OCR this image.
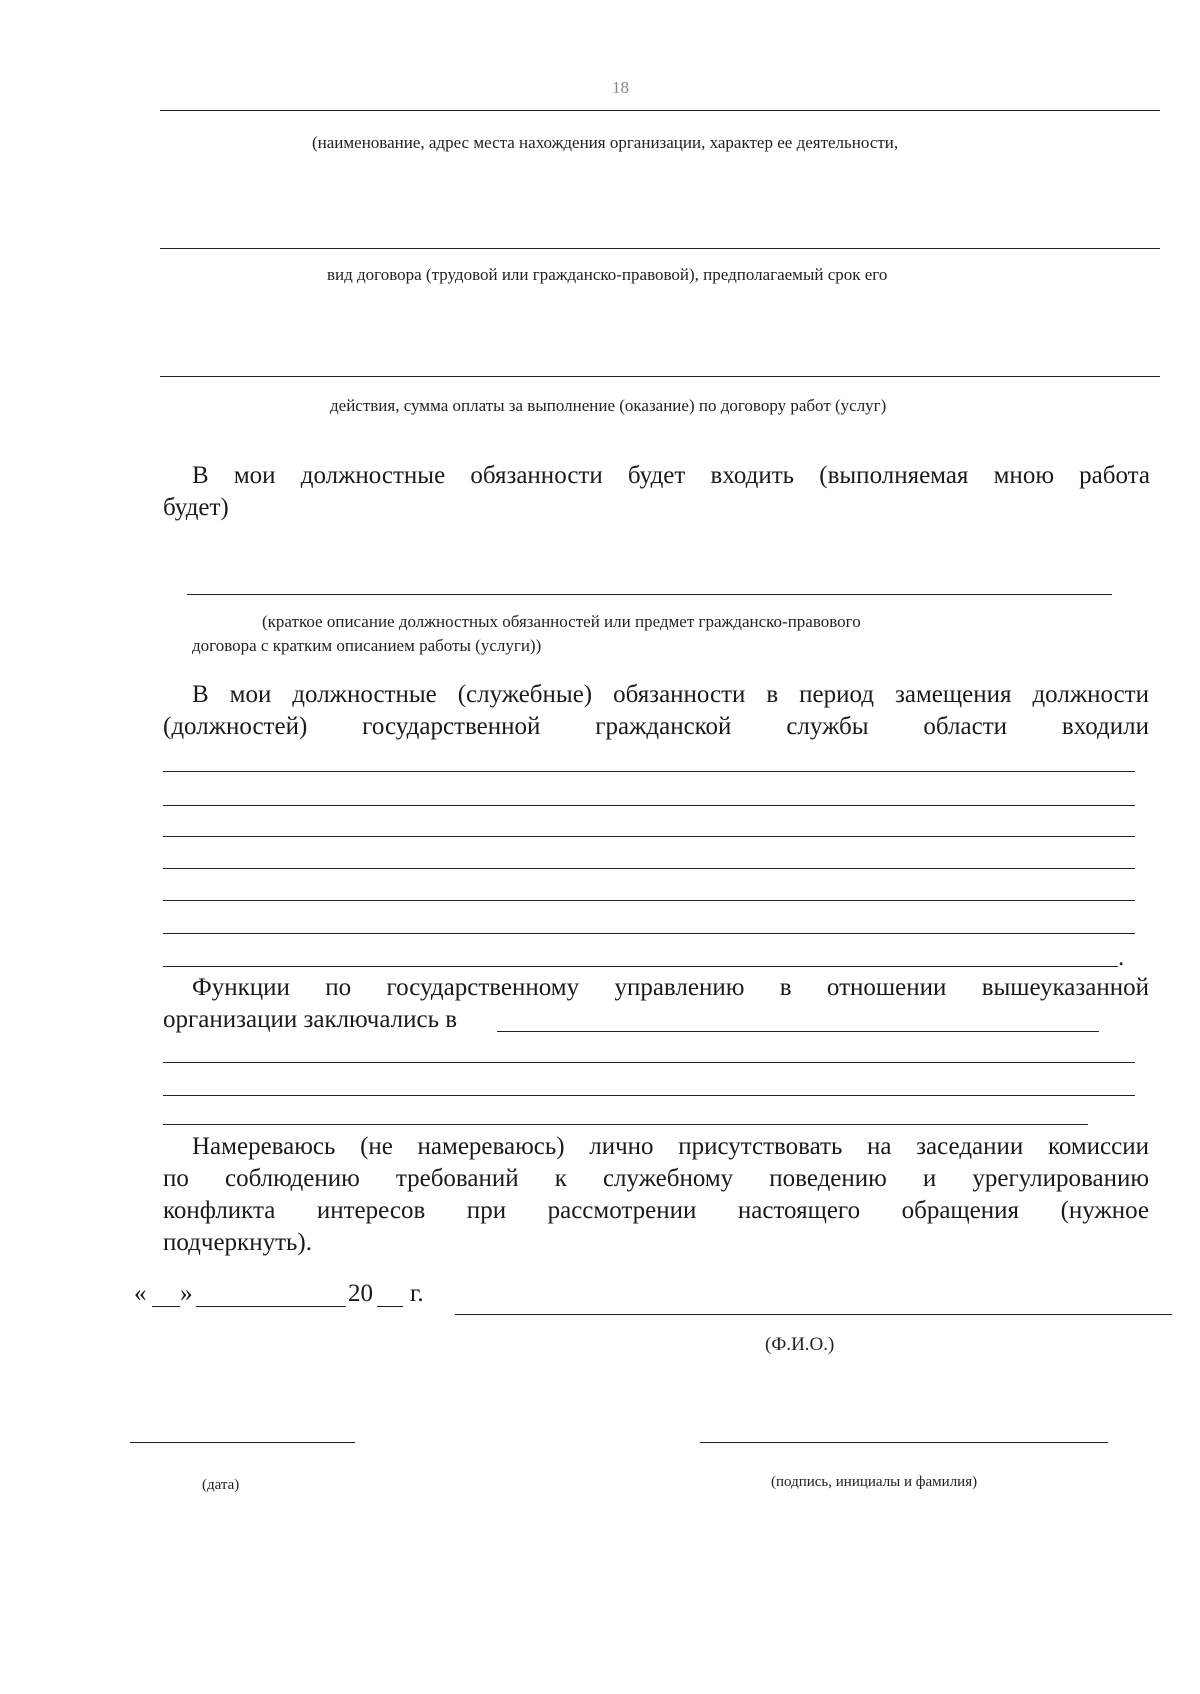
18
(наименование, адрес места нахождения организации, характер ее деятельности,
вид договора (трудовой или гражданско-правовой), предполагаемый срок его
действия, сумма оплаты за выполнение (оказание) по договору работ (услуг)
В мои должностные обязанности будет входить (выполняемая мною работа
будет)
(краткое описание должностных обязанностей или предмет гражданско-правового
договора с кратким описанием работы (услуги))
В мои должностные (служебные) обязанности в период замещения должности
(должностей) государственной гражданской службы области входили
.
Функции по государственному управлению в отношении вышеуказанной
организации заключались в
Намереваюсь (не намереваюсь) лично присутствовать на заседании комиссии
по соблюдению требований к служебному поведению и урегулированию
конфликта интересов при рассмотрении настоящего обращения (нужное
подчеркнуть).
« »	20 г.
(Ф.И.О.)
(дата)	(подпись, инициалы и фамилия)
